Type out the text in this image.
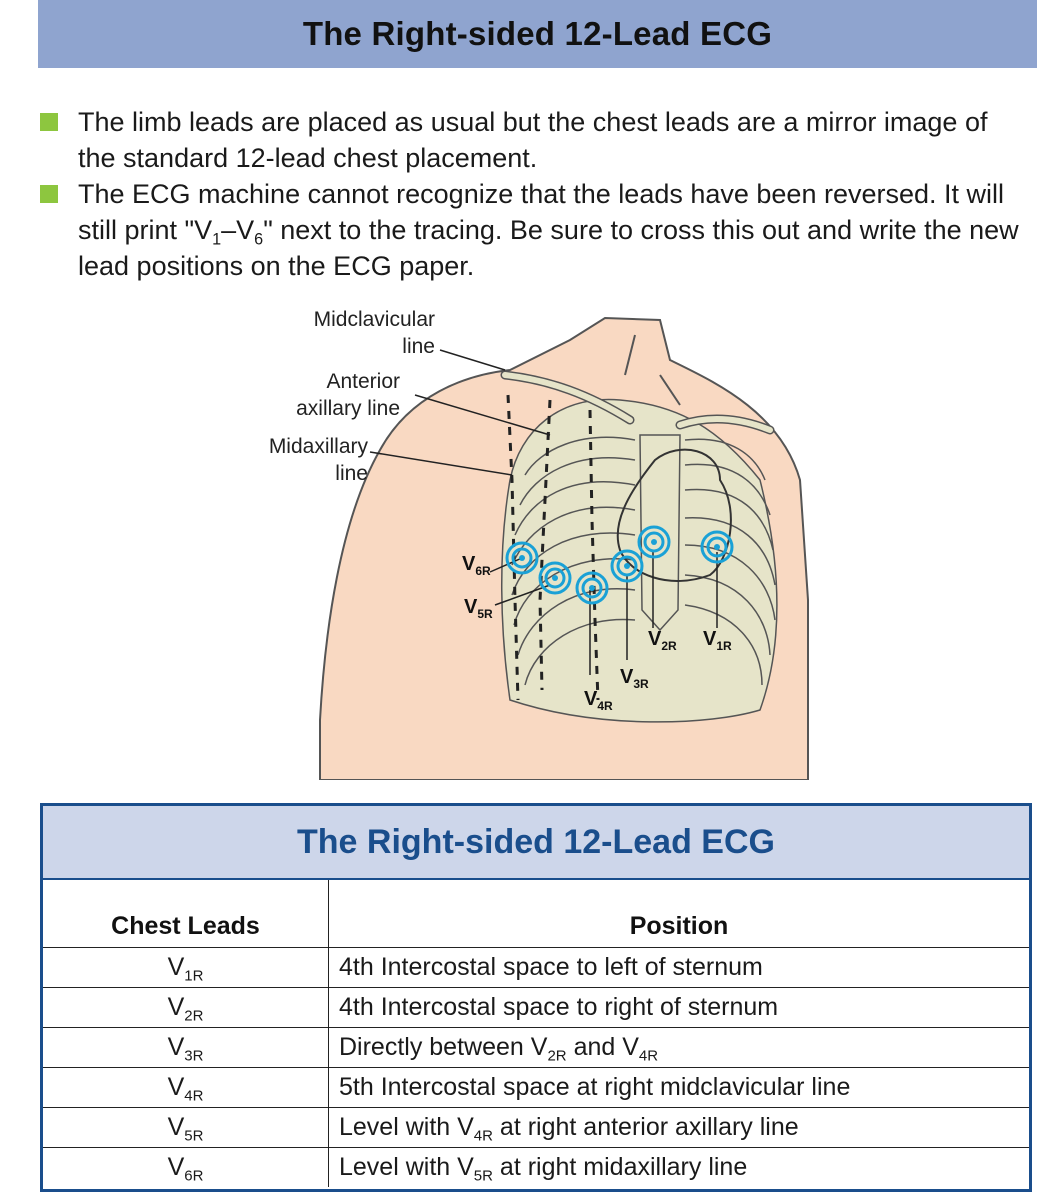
The Right-sided 12-Lead ECG
The limb leads are placed as usual but the chest leads are a mirror image of the standard 12-lead chest placement.
The ECG machine cannot recognize that the leads have been reversed. It will still print "$V_1-V_6$" next to the tracing. Be sure to cross this out and write the new lead positions on the ECG paper.
Midclavicular
line
Anterior
axillary line
Midaxillary
line
$V_{6R}$
$V_{5R}$
$V_{4R}$
$V_{3R}$
$V_{2R}$ $V_{1R}$
The Right-sided 12-Lead ECG
Chest Leads	Position
$V_{1R}$	4th Intercostal space to left of sternum
$V_{2R}$	4th Intercostal space to right of sternum
$V_{3R}$	Directly between $V_{2R}$ and $V_{4R}$
$V_{4R}$	5th Intercostal space at right midclavicular line
$V_{5R}$	Level with $V_{4R}$ at right anterior axillary line
$V_{6R}$	Level with $V_{5R}$ at right midaxillary line
